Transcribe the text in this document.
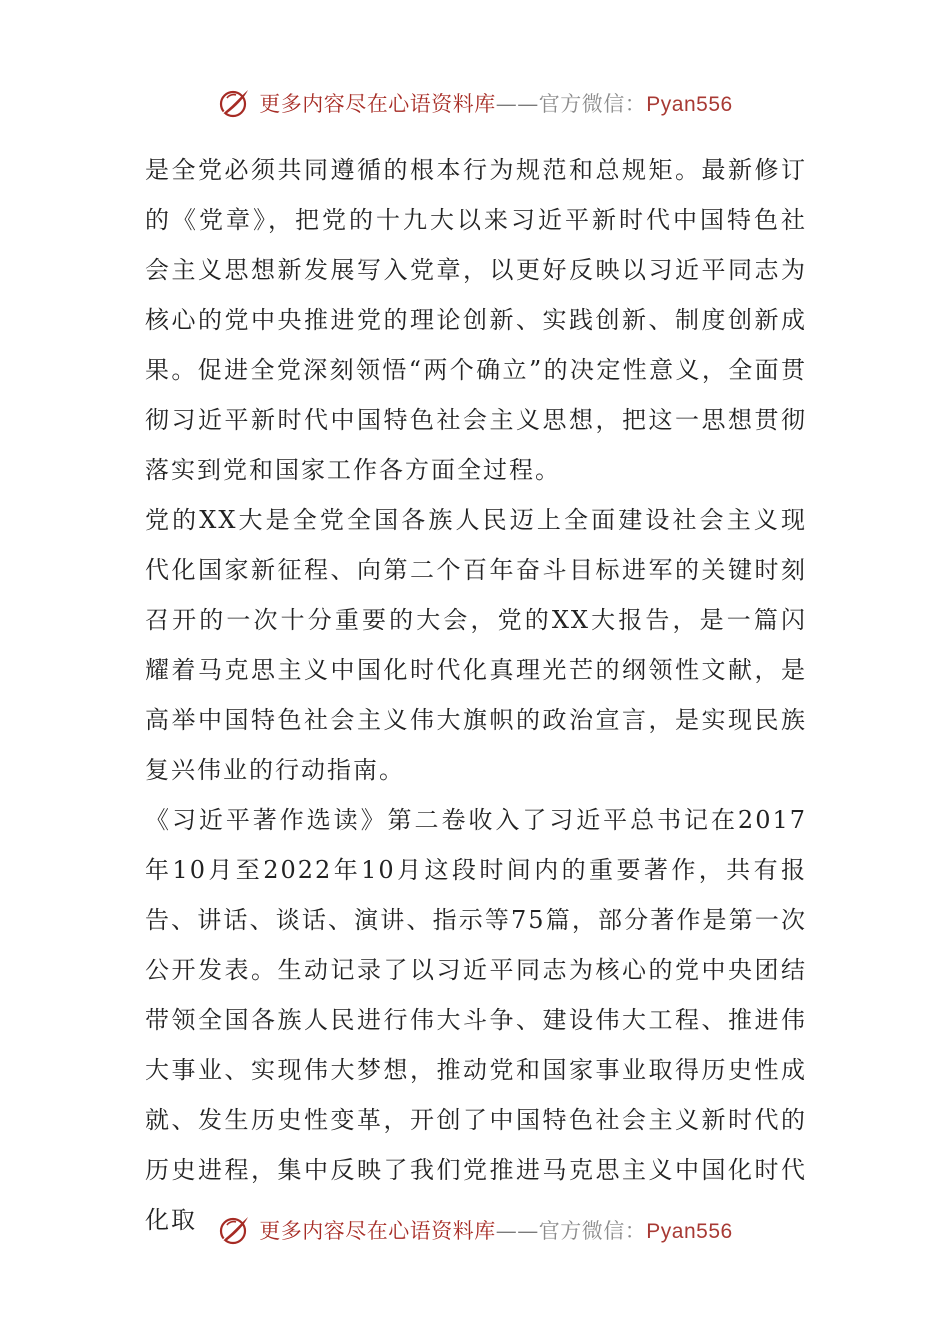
更多内容尽在心语资料库——官方微信：Pyan556

是全党必须共同遵循的根本行为规范和总规矩。最新修订的《党章》，把党的十九大以来习近平新时代中国特色社会主义思想新发展写入党章，以更好反映以习近平同志为核心的党中央推进党的理论创新、实践创新、制度创新成果。促进全党深刻领悟“两个确立”的决定性意义，全面贯彻习近平新时代中国特色社会主义思想，把这一思想贯彻落实到党和国家工作各方面全过程。

党的XX大是全党全国各族人民迈上全面建设社会主义现代化国家新征程、向第二个百年奋斗目标进军的关键时刻召开的一次十分重要的大会，党的XX大报告，是一篇闪耀着马克思主义中国化时代化真理光芒的纲领性文献，是高举中国特色社会主义伟大旗帜的政治宣言，是实现民族复兴伟业的行动指南。

《习近平著作选读》第二卷收入了习近平总书记在2017年10月至2022年10月这段时间内的重要著作，共有报告、讲话、谈话、演讲、指示等75篇，部分著作是第一次公开发表。生动记录了以习近平同志为核心的党中央团结带领全国各族人民进行伟大斗争、建设伟大工程、推进伟大事业、实现伟大梦想，推动党和国家事业取得历史性成就、发生历史性变革，开创了中国特色社会主义新时代的历史进程，集中反映了我们党推进马克思主义中国化时代化取	更多内容尽在心语资料库——官方微信：Pyan556
